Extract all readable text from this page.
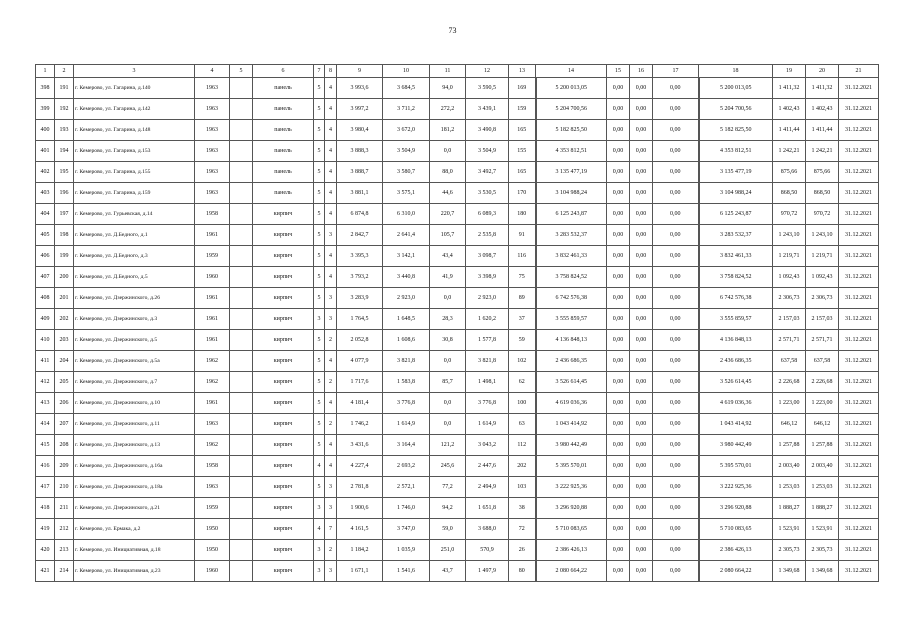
73
1	2	3	4	5	6	7	8	9	10	11	12	13	14	15	16	17	18	19	20	21
398	191	г. Кемерово, ул. Гагарина, д.140	1963		панель	5	4	3 993,6	3 684,5	94,0	3 590,5	169	5 200 013,05	0,00	0,00	0,00	5 200 013,05	1 411,32	1 411,32	31.12.2021
399	192	г. Кемерово, ул. Гагарина, д.142	1963		панель	5	4	3 997,2	3 711,2	272,2	3 439,1	159	5 204 700,56	0,00	0,00	0,00	5 204 700,56	1 402,43	1 402,43	31.12.2021
400	193	г. Кемерово, ул. Гагарина, д.148	1963		панель	5	4	3 980,4	3 672,0	181,2	3 490,8	165	5 182 825,50	0,00	0,00	0,00	5 182 825,50	1 411,44	1 411,44	31.12.2021
401	194	г. Кемерово, ул. Гагарина, д.153	1963		панель	5	4	3 888,3	3 504,9	0,0	3 504,9	155	4 353 812,51	0,00	0,00	0,00	4 353 812,51	1 242,21	1 242,21	31.12.2021
402	195	г. Кемерово, ул. Гагарина, д.155	1963		панель	5	4	3 888,7	3 580,7	88,0	3 492,7	165	3 135 477,19	0,00	0,00	0,00	3 135 477,19	875,66	875,66	31.12.2021
403	196	г. Кемерово, ул. Гагарина, д.159	1963		панель	5	4	3 881,1	3 575,1	44,6	3 530,5	170	3 104 988,24	0,00	0,00	0,00	3 104 988,24	868,50	868,50	31.12.2021
404	197	г. Кемерово, ул. Гурьевская, д.14	1958		кирпич	5	4	6 874,8	6 310,0	220,7	6 089,3	180	6 125 243,87	0,00	0,00	0,00	6 125 243,87	970,72	970,72	31.12.2021
405	198	г. Кемерово, ул. Д.Бедного, д.1	1961		кирпич	5	3	2 842,7	2 641,4	105,7	2 535,8	91	3 283 532,37	0,00	0,00	0,00	3 283 532,37	1 243,10	1 243,10	31.12.2021
406	199	г. Кемерово, ул. Д.Бедного, д.3	1959		кирпич	5	4	3 395,3	3 142,1	43,4	3 098,7	116	3 832 461,33	0,00	0,00	0,00	3 832 461,33	1 219,71	1 219,71	31.12.2021
407	200	г. Кемерово, ул. Д.Бедного, д.5	1960		кирпич	5	4	3 793,2	3 440,8	41,9	3 398,9	75	3 758 824,52	0,00	0,00	0,00	3 758 824,52	1 092,43	1 092,43	31.12.2021
408	201	г. Кемерово, ул. Дзержинского, д.26	1961		кирпич	5	3	3 283,9	2 923,0	0,0	2 923,0	89	6 742 576,38	0,00	0,00	0,00	6 742 576,38	2 306,73	2 306,73	31.12.2021
409	202	г. Кемерово, ул. Дзержинского, д.3	1961		кирпич	3	3	1 764,5	1 648,5	28,3	1 620,2	37	3 555 859,57	0,00	0,00	0,00	3 555 859,57	2 157,03	2 157,03	31.12.2021
410	203	г. Кемерово, ул. Дзержинского, д.5	1961		кирпич	5	2	2 052,8	1 608,6	30,8	1 577,8	59	4 136 848,13	0,00	0,00	0,00	4 136 848,13	2 571,71	2 571,71	31.12.2021
411	204	г. Кемерово, ул. Дзержинского, д.5а	1962		кирпич	5	4	4 077,9	3 821,8	0,0	3 821,8	102	2 436 686,35	0,00	0,00	0,00	2 436 686,35	637,58	637,58	31.12.2021
412	205	г. Кемерово, ул. Дзержинского, д.7	1962		кирпич	5	2	1 717,6	1 583,8	85,7	1 498,1	62	3 526 614,45	0,00	0,00	0,00	3 526 614,45	2 226,68	2 226,68	31.12.2021
413	206	г. Кемерово, ул. Дзержинского, д.10	1961		кирпич	5	4	4 181,4	3 776,8	0,0	3 776,8	100	4 619 036,36	0,00	0,00	0,00	4 619 036,36	1 223,00	1 223,00	31.12.2021
414	207	г. Кемерово, ул. Дзержинского, д.11	1963		кирпич	5	2	1 746,2	1 614,9	0,0	1 614,9	63	1 043 414,92	0,00	0,00	0,00	1 043 414,92	646,12	646,12	31.12.2021
415	208	г. Кемерово, ул. Дзержинского, д.13	1962		кирпич	5	4	3 431,6	3 164,4	121,2	3 043,2	112	3 980 442,49	0,00	0,00	0,00	3 980 442,49	1 257,88	1 257,88	31.12.2021
416	209	г. Кемерово, ул. Дзержинского, д.16а	1958		кирпич	4	4	4 227,4	2 693,2	245,6	2 447,6	202	5 395 570,01	0,00	0,00	0,00	5 395 570,01	2 003,40	2 003,40	31.12.2021
417	210	г. Кемерово, ул. Дзержинского, д.18а	1963		кирпич	5	3	2 781,8	2 572,1	77,2	2 494,9	103	3 222 925,36	0,00	0,00	0,00	3 222 925,36	1 253,03	1 253,03	31.12.2021
418	211	г. Кемерово, ул. Дзержинского, д.21	1959		кирпич	3	3	1 900,6	1 746,0	94,2	1 651,8	38	3 296 920,88	0,00	0,00	0,00	3 296 920,88	1 888,27	1 888,27	31.12.2021
419	212	г. Кемерово, ул. Ермака, д.2	1950		кирпич	4	7	4 161,5	3 747,0	59,0	3 688,0	72	5 710 083,65	0,00	0,00	0,00	5 710 083,65	1 523,91	1 523,91	31.12.2021
420	213	г. Кемерово, ул. Инициативная, д.18	1950		кирпич	3	2	1 184,2	1 035,9	251,0	570,9	26	2 386 426,13	0,00	0,00	0,00	2 386 426,13	2 305,73	2 305,73	31.12.2021
421	214	г. Кемерово, ул. Инициативная, д.23	1960		кирпич	3	3	1 671,1	1 541,6	43,7	1 497,9	80	2 080 664,22	0,00	0,00	0,00	2 080 664,22	1 349,68	1 349,68	31.12.2021
